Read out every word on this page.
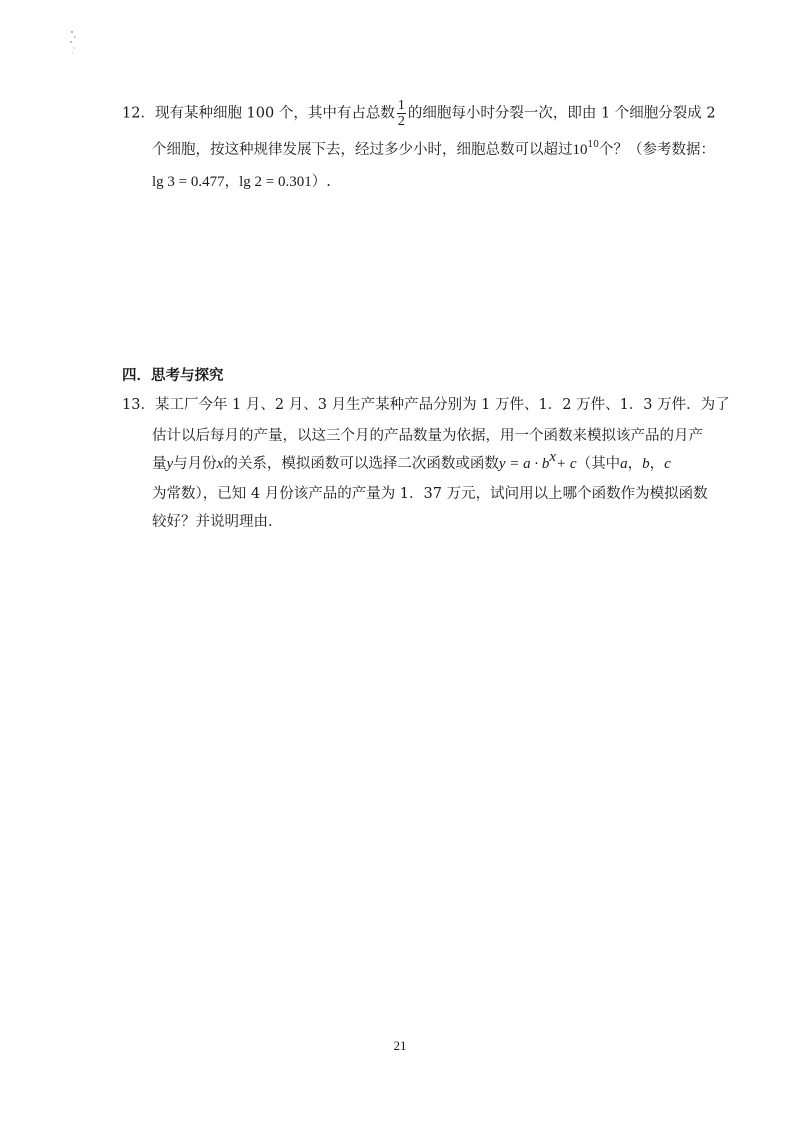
12．现有某种细胞 100 个，其中有占总数 $\frac{1}{2}$ 的细胞每小时分裂一次，即由 1 个细胞分裂成 2
个细胞，按这种规律发展下去，经过多少小时，细胞总数可以超过$10^{10}$个？（参考数据：
lg 3 = 0.477，lg 2 = 0.301）.
四．思考与探究
13．某工厂今年 1 月、2 月、3 月生产某种产品分别为 1 万件、1．2 万件、1．3 万件．为了
估计以后每月的产量，以这三个月的产品数量为依据，用一个函数来模拟该产品的月产
量y与月份x的关系，模拟函数可以选择二次函数或函数$y = a \cdot b^x+ c$（其中a，b，c
为常数），已知 4 月份该产品的产量为 1．37 万元，试问用以上哪个函数作为模拟函数
较好？并说明理由.
21
